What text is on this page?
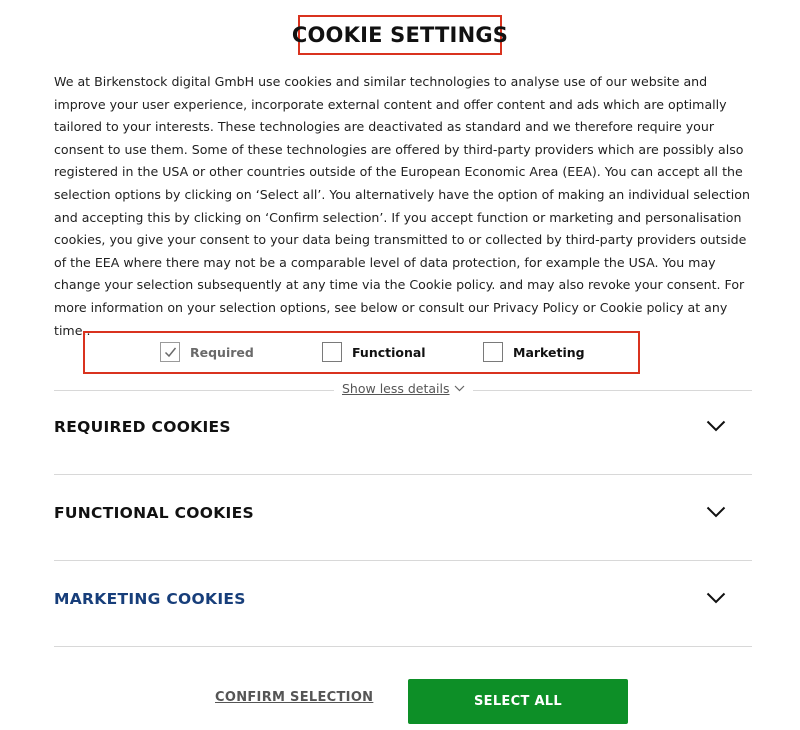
COOKIE SETTINGS

We at Birkenstock digital GmbH use cookies and similar technologies to analyse use of our website and improve your user experience, incorporate external content and offer content and ads which are optimally tailored to your interests. These technologies are deactivated as standard and we therefore require your consent to use them. Some of these technologies are offered by third-party providers which are possibly also registered in the USA or other countries outside of the European Economic Area (EEA). You can accept all the selection options by clicking on ‘Select all’. You alternatively have the option of making an individual selection and accepting this by clicking on ‘Confirm selection’. If you accept function or marketing and personalisation cookies, you give your consent to your data being transmitted to or collected by third-party providers outside of the EEA where there may not be a comparable level of data protection, for example the USA. You may change your selection subsequently at any time via the Cookie policy. and may also revoke your consent. For more information on your selection options, see below or consult our Privacy Policy or Cookie policy at any time..

Required	Functional	Marketing
Show less details
REQUIRED COOKIES
FUNCTIONAL COOKIES
MARKETING COOKIES
CONFIRM SELECTION	SELECT ALL
